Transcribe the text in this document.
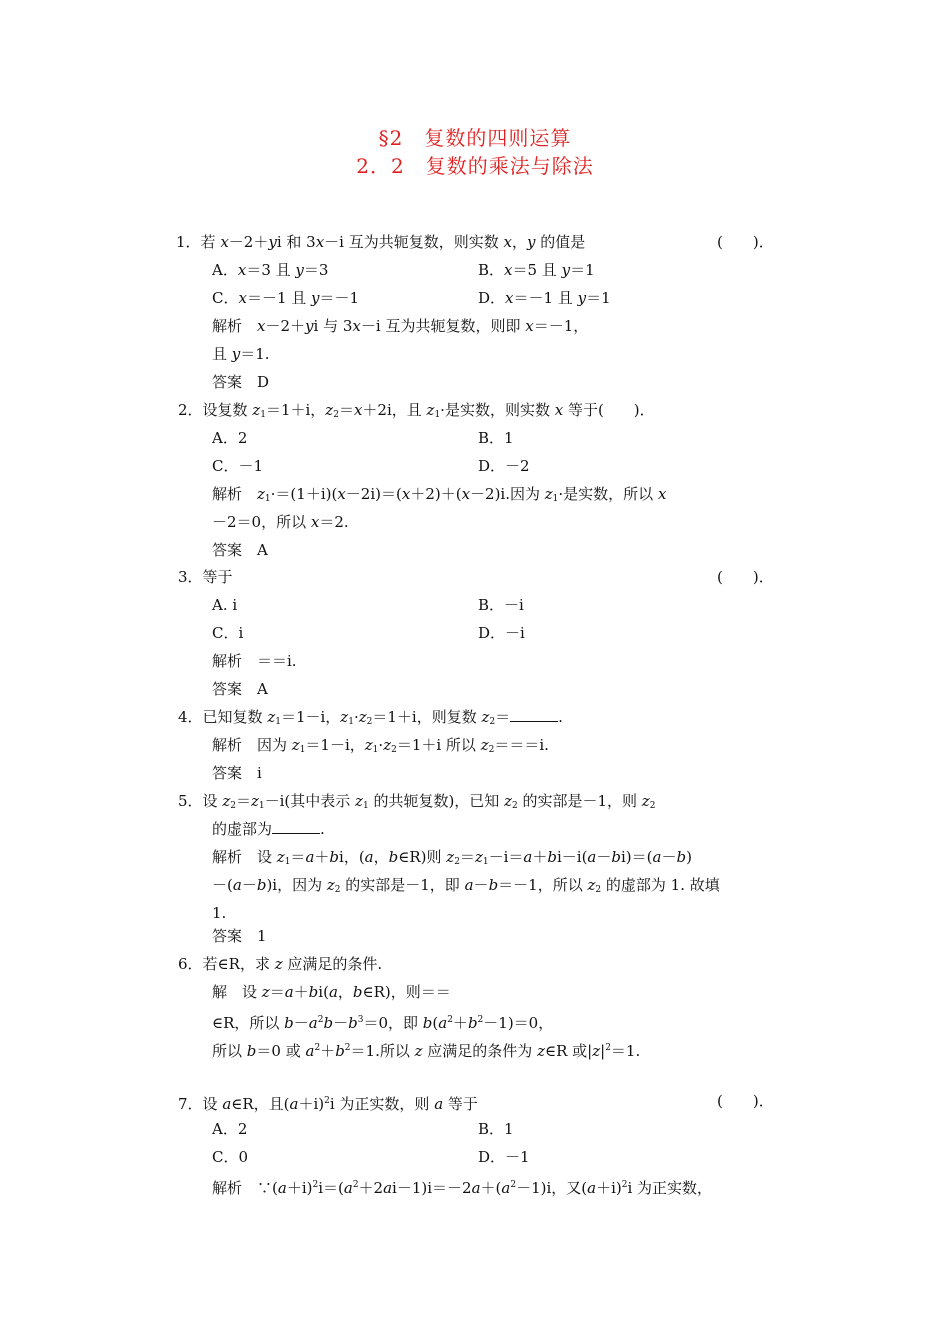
§2　复数的四则运算
2．2　复数的乘法与除法
1．若 x－2＋yi 和 3x－i 互为共轭复数，则实数 x，y 的值是	(　　)．
A．x＝3 且 y＝3	B．x＝5 且 y＝1
C．x＝－1 且 y＝－1	D．x＝－1 且 y＝1
解析　x－2＋yi 与 3x－i 互为共轭复数，则即 x＝－1，
且 y＝1.
答案　D
2．设复数 $z_1=1+i$，$z_2=x+2i$，且 $z_1\cdot$是实数，则实数 x 等于(　　)．
A．2	B．1
C．－1	D．－2
解析　$z_1\cdot=(1+i)(x-2i)=(x+2)+(x-2)i$.因为 $z_1\cdot$是实数，所以 x
－2＝0，所以 x＝2.
答案　A
3．等于	(　　)．
A. i	B．－i
C．i	D．－i
解析　＝＝i.
答案　A
4．已知复数 $z_1=1-i$，$z_1\cdot z_2=1+i$，则复数 $z_2=$	.
解析　因为 $z_1=1-i$，$z_1\cdot z_2=1+i$ 所以 $z_2===i$.
答案　i
5．设 $z_2=z_1-i$(其中表示 $z_1$ 的共轭复数)，已知 $z_2$ 的实部是－1，则 $z_2$
的虚部为	.
解析　设 $z_1=a+bi$，(a，b∈R)则 $z_2=z_1-i=a+bi-i(a-bi)=(a-b)$
－(a－b)i，因为 $z_2$ 的实部是－1，即 a－b＝－1，所以 $z_2$ 的虚部为 1. 故填
1.
答案　1
6．若∈R，求 z 应满足的条件.
解　设 z＝a＋bi(a，b∈R)，则＝＝
∈R，所以 $b-a^2b-b^3=0$，即 $b(a^2+b^2-1)=0$，
所以 b＝0 或 $a^2+b^2=1$.所以 z 应满足的条件为 z∈R 或$|z|^2=1$.
7．设 a∈R，且$(a+i)^2i$ 为正实数，则 a 等于	(　　)．
A．2	B．1
C．0	D．－1
解析　$\because(a+i)^2i=(a^2+2ai-1)i=-2a+(a^2-1)i$，又$(a+i)^2i$ 为正实数，
